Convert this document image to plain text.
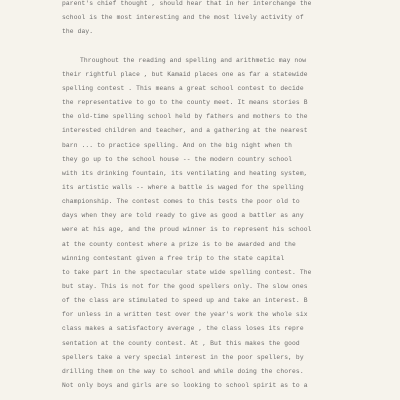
parent's chief thought , should hear that in her interchange the
school is the most interesting and the most lively activity of
the day.
Throughout the reading and spelling and arithmetic may now
their rightful place , but Kamaid places one as far a statewide
spelling contest . This means a great school contest to decide
the representative to go to the county meet. It means stories B
the old-time spelling school held by fathers and mothers to the
interested children and teacher, and a gathering at the nearest
barn ... to practice spelling. And on the big night when th
they go up to the school house -- the modern country school
with its drinking fountain, its ventilating and heating system,
its artistic walls -- where a battle is waged for the spelling
championship. The contest comes to this tests the poor old to
days when they are told ready to give as good a battler as any
were at his age, and the proud winner is to represent his school
at the county contest where a prize is to be awarded and the
winning contestant given a free trip to the state capital
to take part in the spectacular state wide spelling contest. The
but stay. This is not for the good spellers only. The slow ones
of the class are stimulated to speed up and take an interest. B
for unless in a written test over the year's work the whole six
class makes a satisfactory average , the class loses its repre
sentation at the county contest. At , But this makes the good
spellers take a very special interest in the poor spellers, by
drilling them on the way to school and while doing the chores.
Not only boys and girls are so looking to school spirit as to a
